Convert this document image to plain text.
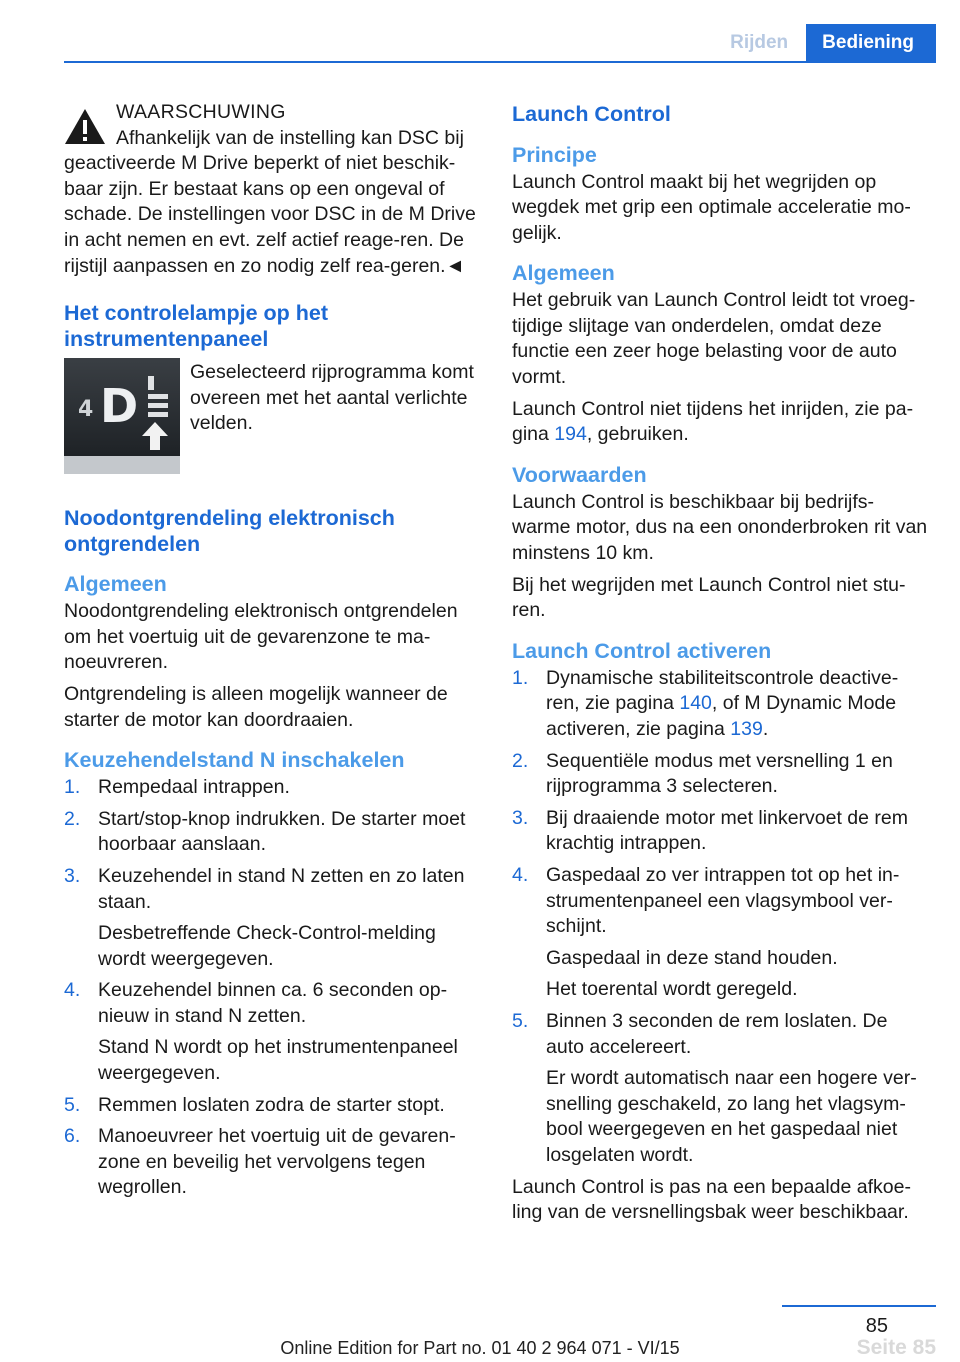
Rijden	Bediening

WAARSCHUWING

Afhankelijk van de instelling kan DSC bij

geactiveerde M Drive beperkt of niet beschik-baar zijn. Er bestaat kans op een ongeval of schade. De instellingen voor DSC in de M Drive in acht nemen en evt. zelf actief reage-ren. De rijstijl aanpassen en zo nodig zelf rea-geren.◄

Het controlelampje op het instrumentenpaneel
4 D

Geselecteerd rijprogramma komt overeen met het aantal verlichte velden.

Noodontgrendeling elektronisch ontgrendelen
Algemeen

Noodontgrendeling elektronisch ontgrendelen om het voertuig uit de gevarenzone te ma-noeuvreren.

Ontgrendeling is alleen mogelijk wanneer de starter de motor kan doordraaien.

Keuzehendelstand N inschakelen
1. Rempedaal intrappen.

2. Start/stop-knop indrukken. De starter moet hoorbaar aanslaan.

3. Keuzehendel in stand N zetten en zo laten staan.

Desbetreffende Check-Control-melding wordt weergegeven.

4. Keuzehendel binnen ca. 6 seconden op-nieuw in stand N zetten.

Stand N wordt op het instrumentenpaneel weergegeven.

5. Remmen loslaten zodra de starter stopt.

6. Manoeuvreer het voertuig uit de gevaren-zone en beveilig het vervolgens tegen wegrollen.

Launch Control
Principe

Launch Control maakt bij het wegrijden op wegdek met grip een optimale acceleratie mo-gelijk.

Algemeen

Het gebruik van Launch Control leidt tot vroeg-tijdige slijtage van onderdelen, omdat deze functie een zeer hoge belasting voor de auto vormt.

Launch Control niet tijdens het inrijden, zie pa-gina 194, gebruiken.

Voorwaarden

Launch Control is beschikbaar bij bedrijfs-warme motor, dus na een ononderbroken rit van minstens 10 km.

Bij het wegrijden met Launch Control niet stu-ren.

Launch Control activeren
1. Dynamische stabiliteitscontrole deactive-ren, zie pagina 140, of M Dynamic Mode activeren, zie pagina 139.

2. Sequentiële modus met versnelling 1 en rijprogramma 3 selecteren.

3. Bij draaiende motor met linkervoet de rem krachtig intrappen.

4. Gaspedaal zo ver intrappen tot op het in-strumentenpaneel een vlagsymbool ver-schijnt.

Gaspedaal in deze stand houden.

Het toerental wordt geregeld.

5. Binnen 3 seconden de rem loslaten. De auto accelereert.

Er wordt automatisch naar een hogere ver-snelling geschakeld, zo lang het vlagsym-bool weergegeven en het gaspedaal niet losgelaten wordt.

Launch Control is pas na een bepaalde afkoe-ling van de versnellingsbak weer beschikbaar.

85
Online Edition for Part no. 01 40 2 964 071 - VI/15	Seite 85
